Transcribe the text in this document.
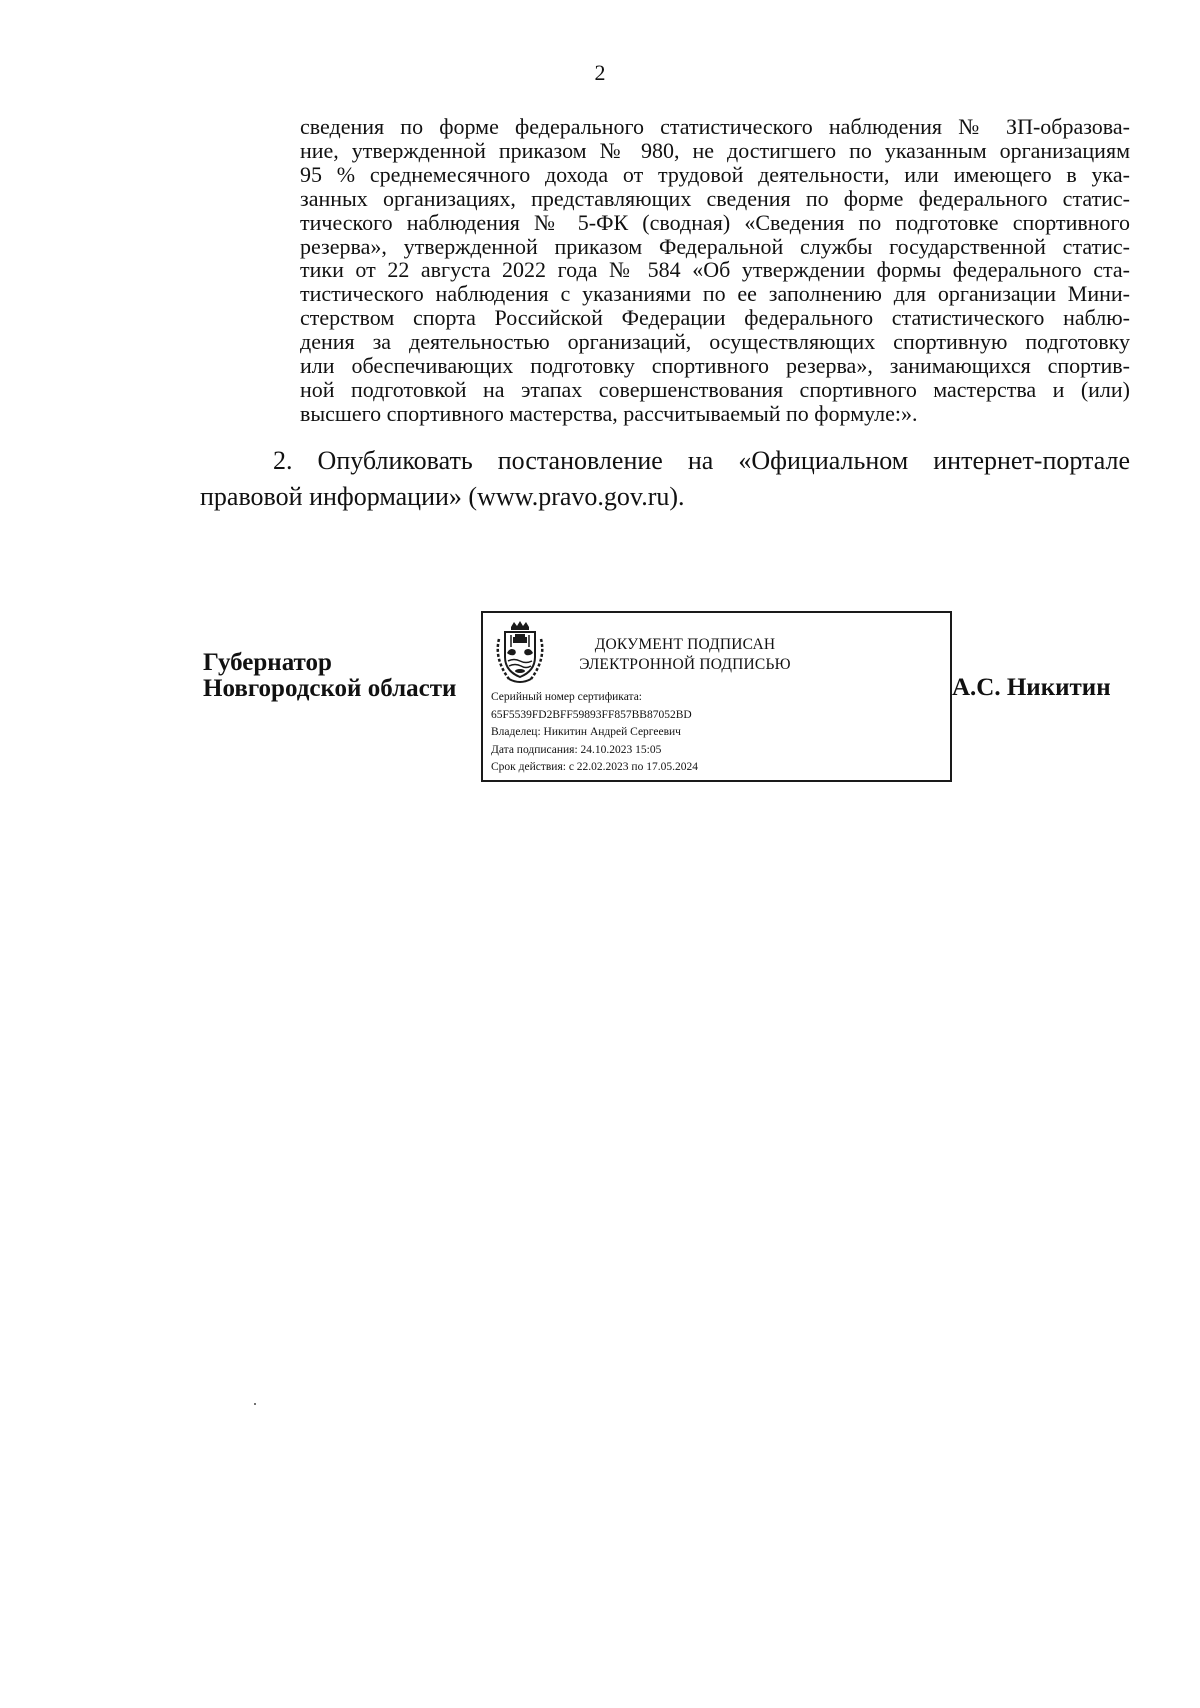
2
сведения по форме федерального статистического наблюдения № ЗП-образова-
ние, утвержденной приказом № 980, не достигшего по указанным организациям
95 % среднемесячного дохода от трудовой деятельности, или имеющего в ука-
занных организациях, представляющих сведения по форме федерального статис-
тического наблюдения № 5-ФК (сводная) «Сведения по подготовке спортивного
резерва», утвержденной приказом Федеральной службы государственной статис-
тики от 22 августа 2022 года № 584 «Об утверждении формы федерального ста-
тистического наблюдения с указаниями по ее заполнению для организации Мини-
стерством спорта Российской Федерации федерального статистического наблю-
дения за деятельностью организаций, осуществляющих спортивную подготовку
или обеспечивающих подготовку спортивного резерва», занимающихся спортив-
ной подготовкой на этапах совершенствования спортивного мастерства и (или)
высшего спортивного мастерства, рассчитываемый по формуле:».
2. Опубликовать постановление на «Официальном интернет-портале
правовой информации» (www.pravo.gov.ru).
Губернатор
Новгородской области
ДОКУМЕНТ ПОДПИСАН
ЭЛЕКТРОННОЙ ПОДПИСЬЮ
Серийный номер сертификата:
65F5539FD2BFF59893FF857BB87052BD
Владелец: Никитин Андрей Сергеевич
Дата подписания: 24.10.2023 15:05
Срок действия: с 22.02.2023 по 17.05.2024
А.С. Никитин
